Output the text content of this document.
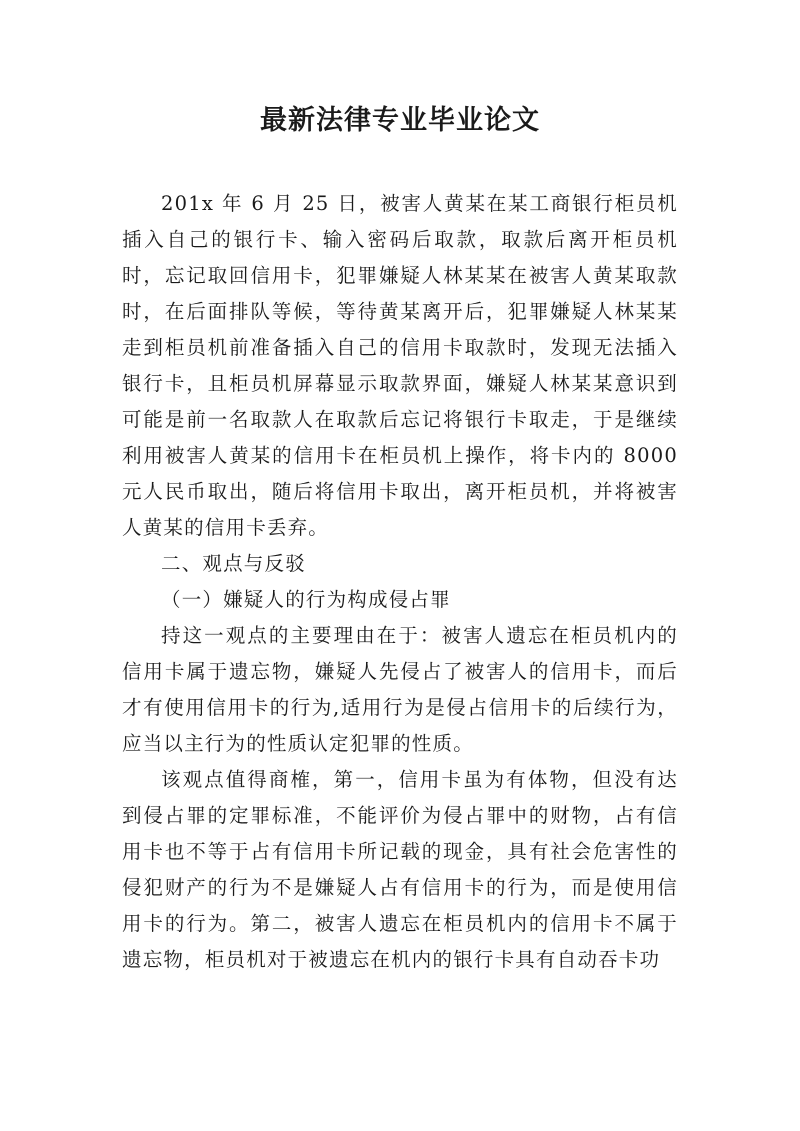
最新法律专业毕业论文

201x 年 6 月 25 日，被害人黄某在某工商银行柜员机插入自己的银行卡、输入密码后取款，取款后离开柜员机时，忘记取回信用卡，犯罪嫌疑人林某某在被害人黄某取款时，在后面排队等候，等待黄某离开后，犯罪嫌疑人林某某走到柜员机前准备插入自己的信用卡取款时，发现无法插入银行卡，且柜员机屏幕显示取款界面，嫌疑人林某某意识到可能是前一名取款人在取款后忘记将银行卡取走，于是继续利用被害人黄某的信用卡在柜员机上操作，将卡内的 8000 元人民币取出，随后将信用卡取出，离开柜员机，并将被害人黄某的信用卡丢弃。

二、观点与反驳

（一）嫌疑人的行为构成侵占罪

持这一观点的主要理由在于：被害人遗忘在柜员机内的信用卡属于遗忘物，嫌疑人先侵占了被害人的信用卡，而后才有使用信用卡的行为,适用行为是侵占信用卡的后续行为，应当以主行为的性质认定犯罪的性质。

该观点值得商榷，第一，信用卡虽为有体物，但没有达到侵占罪的定罪标准，不能评价为侵占罪中的财物，占有信用卡也不等于占有信用卡所记载的现金，具有社会危害性的侵犯财产的行为不是嫌疑人占有信用卡的行为，而是使用信用卡的行为。第二，被害人遗忘在柜员机内的信用卡不属于遗忘物，柜员机对于被遗忘在机内的银行卡具有自动吞卡功
